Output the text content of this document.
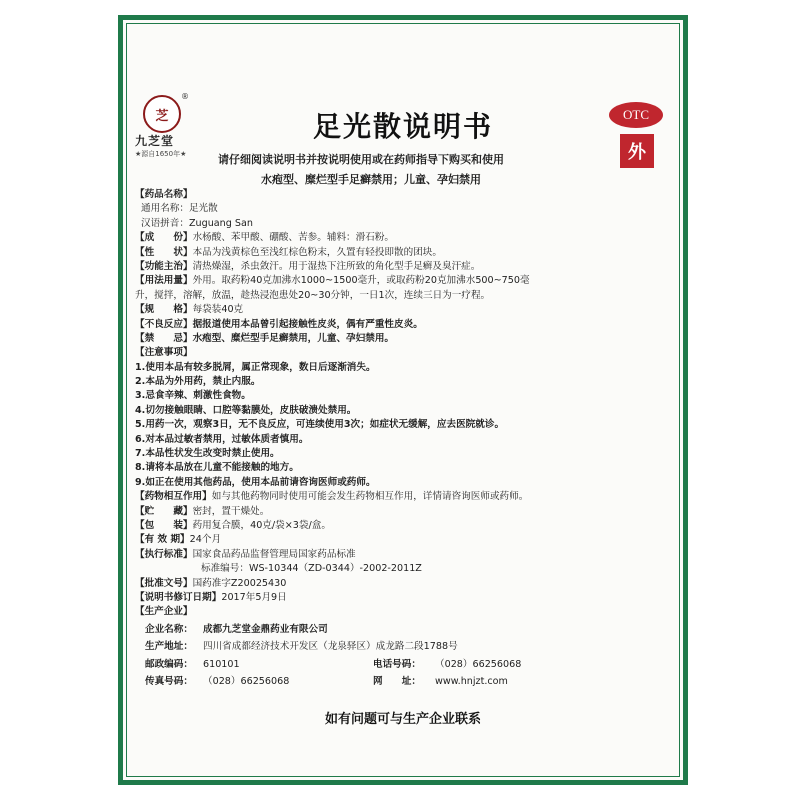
芝
®
九芝堂
★源自1650年★
足光散说明书	OTC
外
请仔细阅读说明书并按说明使用或在药师指导下购买和使用
水疱型、糜烂型手足癣禁用；儿童、孕妇禁用
【药品名称】
通用名称：足光散
汉语拼音：Zuguang San
【成　　份】水杨酸、苯甲酸、硼酸、苦参。辅料：滑石粉。
【性　　状】本品为浅黄棕色至浅红棕色粉末，久置有轻投即散的团块。
【功能主治】清热燥湿，杀虫敛汗。用于湿热下注所致的角化型手足癣及臭汗症。
【用法用量】外用。取药粉40克加沸水1000~1500毫升，或取药粉20克加沸水500~750毫
升，搅拌，溶解，放温，趁热浸泡患处20~30分钟，一日1次，连续三日为一疗程。
【规　　格】每袋装40克
【不良反应】据报道使用本品曾引起接触性皮炎，偶有严重性皮炎。
【禁　　忌】水疱型、糜烂型手足癣禁用，儿童、孕妇禁用。
【注意事项】
1.使用本品有较多脱屑，属正常现象，数日后逐渐消失。
2.本品为外用药，禁止内服。
3.忌食辛辣、刺激性食物。
4.切勿接触眼睛、口腔等黏膜处，皮肤破溃处禁用。
5.用药一次，观察3日，无不良反应，可连续使用3次；如症状无缓解，应去医院就诊。
6.对本品过敏者禁用，过敏体质者慎用。
7.本品性状发生改变时禁止使用。
8.请将本品放在儿童不能接触的地方。
9.如正在使用其他药品，使用本品前请咨询医师或药师。
【药物相互作用】如与其他药物同时使用可能会发生药物相互作用，详情请咨询医师或药师。
【贮　　藏】密封，置干燥处。
【包　　装】药用复合膜，40克/袋×3袋/盒。
【有 效 期】24个月
【执行标准】国家食品药品监督管理局国家药品标准
标准编号：WS-10344（ZD-0344）-2002-2011Z
【批准文号】国药准字Z20025430
【说明书修订日期】2017年5月9日
【生产企业】
企业名称： 成都九芝堂金鼎药业有限公司
生产地址： 四川省成都经济技术开发区（龙泉驿区）成龙路二段1788号
邮政编码： 610101	电话号码： （028）66256068
传真号码： （028）66256068	网　　址： www.hnjzt.com
如有问题可与生产企业联系
